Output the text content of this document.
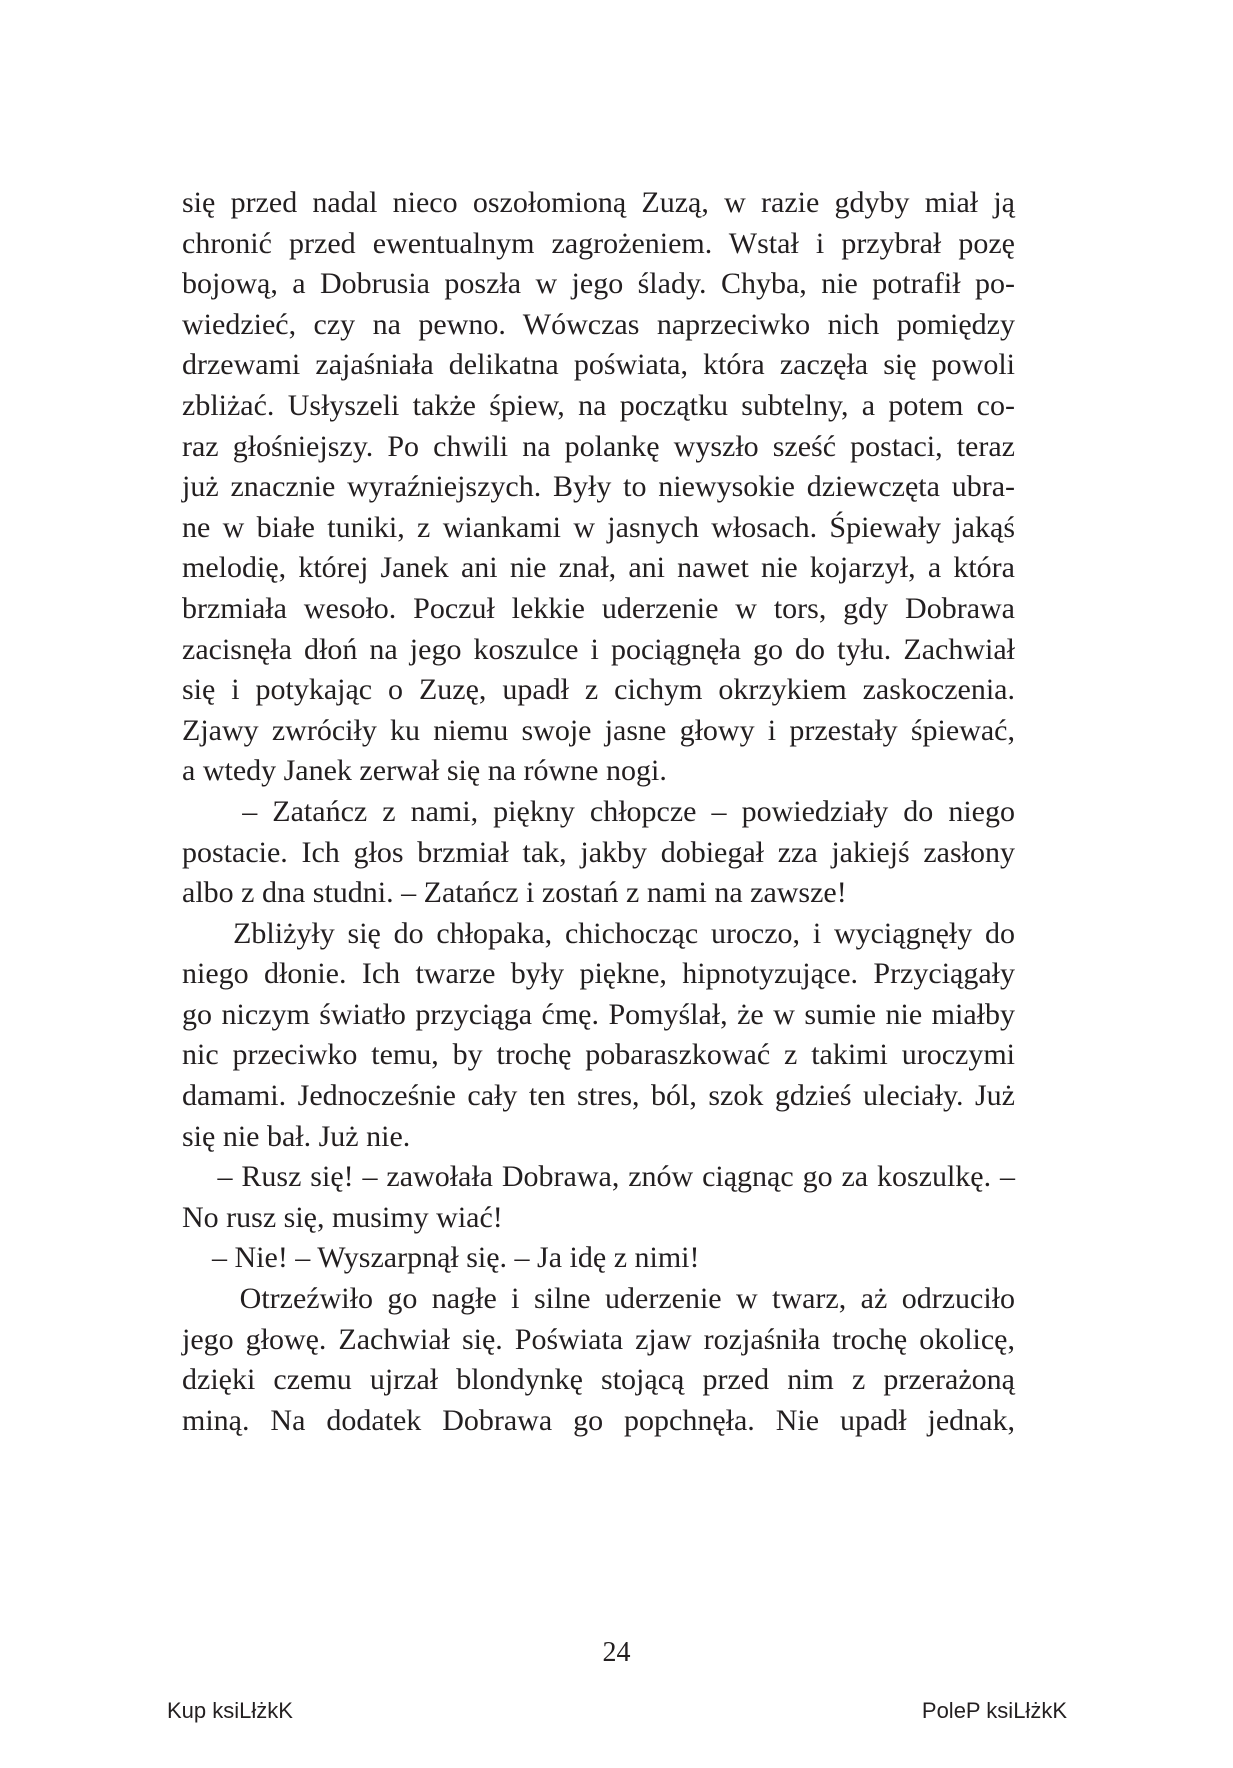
się przed nadal nieco oszołomioną Zuzą, w razie gdyby miał ją
chronić przed ewentualnym zagrożeniem. Wstał i przybrał pozę
bojową, a Dobrusia poszła w jego ślady. Chyba, nie potrafił po-
wiedzieć, czy na pewno. Wówczas naprzeciwko nich pomiędzy
drzewami zajaśniała delikatna poświata, która zaczęła się powoli
zbliżać. Usłyszeli także śpiew, na początku subtelny, a potem co-
raz głośniejszy. Po chwili na polankę wyszło sześć postaci, teraz
już znacznie wyraźniejszych. Były to niewysokie dziewczęta ubra-
ne w białe tuniki, z wiankami w jasnych włosach. Śpiewały jakąś
melodię, której Janek ani nie znał, ani nawet nie kojarzył, a która
brzmiała wesoło. Poczuł lekkie uderzenie w tors, gdy Dobrawa
zacisnęła dłoń na jego koszulce i pociągnęła go do tyłu. Zachwiał
się i potykając o Zuzę, upadł z cichym okrzykiem zaskoczenia.
Zjawy zwróciły ku niemu swoje jasne głowy i przestały śpiewać,
a wtedy Janek zerwał się na równe nogi.
– Zatańcz z nami, piękny chłopcze – powiedziały do niego
postacie. Ich głos brzmiał tak, jakby dobiegał zza jakiejś zasłony
albo z dna studni. – Zatańcz i zostań z nami na zawsze!
Zbliżyły się do chłopaka, chichocząc uroczo, i wyciągnęły do
niego dłonie. Ich twarze były piękne, hipnotyzujące. Przyciągały
go niczym światło przyciąga ćmę. Pomyślał, że w sumie nie miałby
nic przeciwko temu, by trochę pobaraszkować z takimi uroczymi
damami. Jednocześnie cały ten stres, ból, szok gdzieś uleciały. Już
się nie bał. Już nie.
– Rusz się! – zawołała Dobrawa, znów ciągnąc go za koszulkę. –
No rusz się, musimy wiać!
– Nie! – Wyszarpnął się. – Ja idę z nimi!
Otrzeźwiło go nagłe i silne uderzenie w twarz, aż odrzuciło
jego głowę. Zachwiał się. Poświata zjaw rozjaśniła trochę okolicę,
dzięki czemu ujrzał blondynkę stojącą przed nim z przerażoną
miną. Na dodatek Dobrawa go popchnęła. Nie upadł jednak,
24
Kup ksiLłżkK	PoleP ksiLłżkK
